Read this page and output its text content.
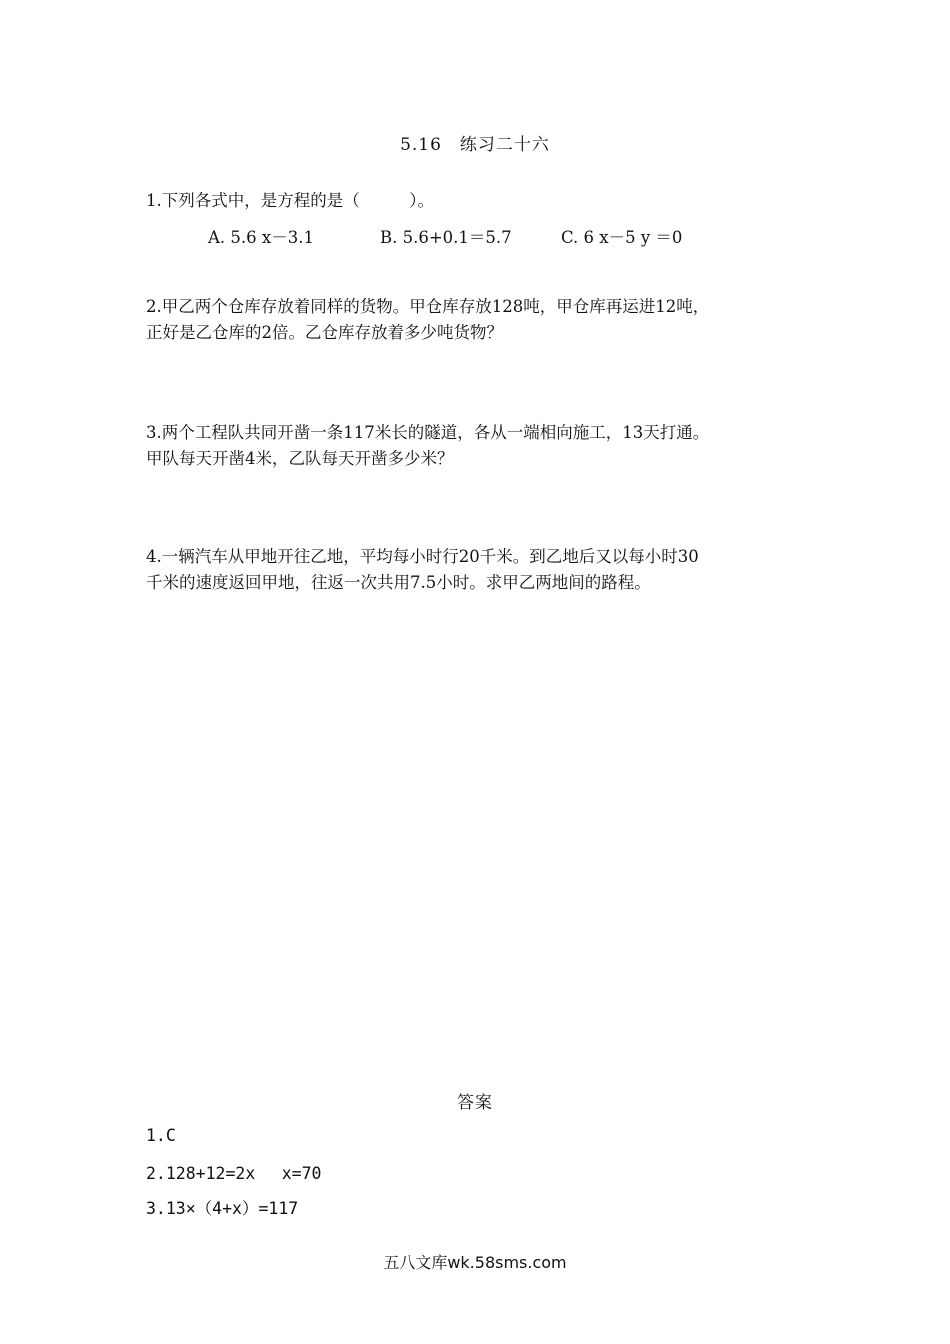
5.16　练习二十六
1.下列各式中，是方程的是（　　　）。
A. 5.6 x－3.1	B. 5.6+0.1＝5.7	C. 6 x－5 y ＝0
2.甲乙两个仓库存放着同样的货物。甲仓库存放128吨，甲仓库再运进12吨，
正好是乙仓库的2倍。乙仓库存放着多少吨货物？
3.两个工程队共同开凿一条117米长的隧道，各从一端相向施工，13天打通。
甲队每天开凿4米，乙队每天开凿多少米？
4.一辆汽车从甲地开往乙地，平均每小时行20千米。到乙地后又以每小时30
千米的速度返回甲地，往返一次共用7.5小时。求甲乙两地间的路程。
答案
1.C
2.128+12=2x　 x=70
3.13×（4+x）=117
五八文库wk.58sms.com
